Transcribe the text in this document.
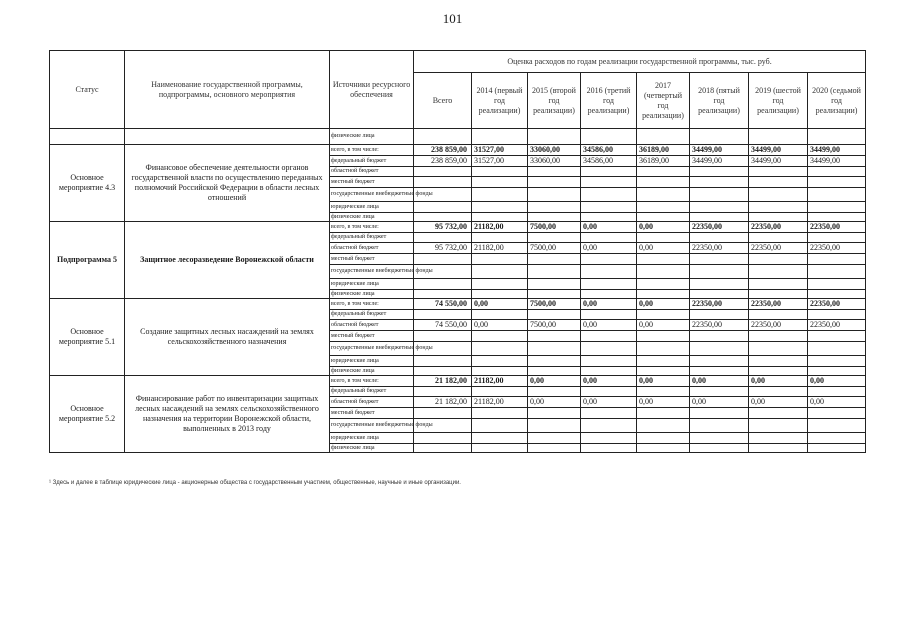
101
Статус	Наименование государственной программы, подпрограммы, основного мероприятия	Источники ресурсного обеспечения	Оценка расходов по годам реализации государственной программы, тыс. руб.							
			Всего	2014 (первый год реализации)	2015 (второй год реализации)	2016 (третий год реализации)	2017 (четвертый год реализации)	2018 (пятый год реализации)	2019 (шестой год реализации)	2020 (седьмой год реализации)
		физические лица								
Основное мероприятие 4.3	Финансовое обеспечение деятельности органов государственной власти по осуществлению переданных полномочий Российской Федерации в области лесных отношений	всего, в том числе:	238 859,00	31527,00	33060,00	34586,00	36189,00	34499,00	34499,00	34499,00
		федеральный бюджет	238 859,00	31527,00	33060,00	34586,00	36189,00	34499,00	34499,00	34499,00
		областной бюджет								
		местный бюджет								
		государственные внебюджетные фонды								
		юридические лица								
		физические лица								
Подпрограмма 5	Защитное лесоразведение Воронежской области	всего, в том числе:	95 732,00	21182,00	7500,00	0,00	0,00	22350,00	22350,00	22350,00
		федеральный бюджет								
		областной бюджет	95 732,00	21182,00	7500,00	0,00	0,00	22350,00	22350,00	22350,00
		местный бюджет								
		государственные внебюджетные фонды								
		юридические лица								
		физические лица								
Основное мероприятие 5.1	Создание защитных лесных насаждений на землях сельскохозяйственного назначения	всего, в том числе:	74 550,00	0,00	7500,00	0,00	0,00	22350,00	22350,00	22350,00
		федеральный бюджет								
		областной бюджет	74 550,00	0,00	7500,00	0,00	0,00	22350,00	22350,00	22350,00
		местный бюджет								
		государственные внебюджетные фонды								
		юридические лица								
		физические лица								
Основное мероприятие 5.2	Финансирование работ по инвентаризации защитных лесных насаждений на землях сельскохозяйственного назначения на территории Воронежской области, выполненных в 2013 году	всего, в том числе:	21 182,00	21182,00	0,00	0,00	0,00	0,00	0,00	0,00
		федеральный бюджет								
		областной бюджет	21 182,00	21182,00	0,00	0,00	0,00	0,00	0,00	0,00
		местный бюджет								
		государственные внебюджетные фонды								
		юридические лица								
		физические лица								
¹ Здесь и далее в таблице юридические лица - акционерные общества с государственным участием, общественные, научные и иные организации.
